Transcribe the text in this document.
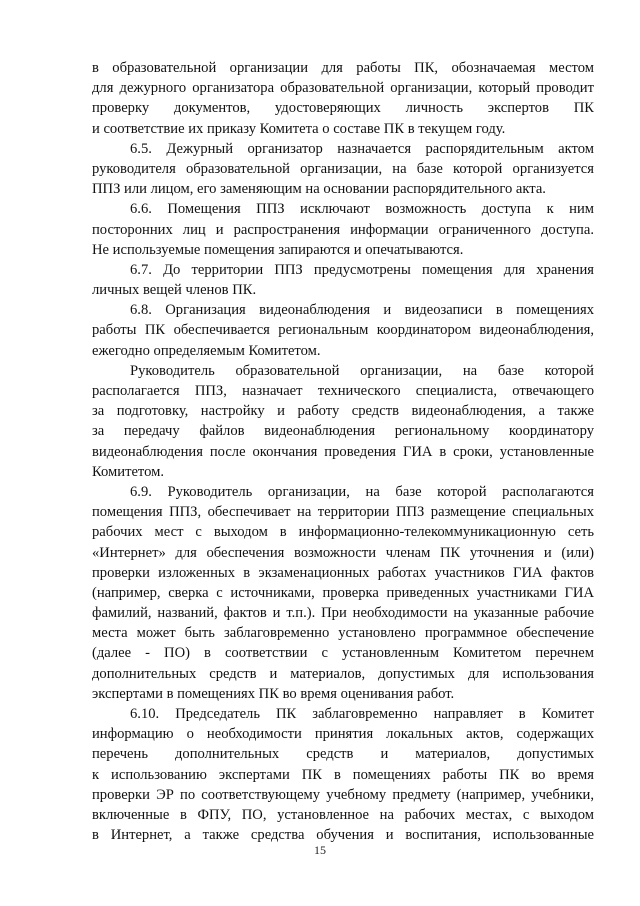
в образовательной организации для работы ПК, обозначаемая местом
для дежурного организатора образовательной организации, который проводит
проверку документов, удостоверяющих личность экспертов ПК
и соответствие их приказу Комитета о составе ПК в текущем году.
6.5. Дежурный организатор назначается распорядительным актом
руководителя образовательной организации, на базе которой организуется
ППЗ или лицом, его заменяющим на основании распорядительного акта.
6.6. Помещения ППЗ исключают возможность доступа к ним
посторонних лиц и распространения информации ограниченного доступа.
Не используемые помещения запираются и опечатываются.
6.7. До территории ППЗ предусмотрены помещения для хранения
личных вещей членов ПК.
6.8. Организация видеонаблюдения и видеозаписи в помещениях
работы ПК обеспечивается региональным координатором видеонаблюдения,
ежегодно определяемым Комитетом.
Руководитель образовательной организации, на базе которой
располагается ППЗ, назначает технического специалиста, отвечающего
за подготовку, настройку и работу средств видеонаблюдения, а также
за передачу файлов видеонаблюдения региональному координатору
видеонаблюдения после окончания проведения ГИА в сроки, установленные
Комитетом.
6.9. Руководитель организации, на базе которой располагаются
помещения ППЗ, обеспечивает на территории ППЗ размещение специальных
рабочих мест с выходом в информационно-телекоммуникационную сеть
«Интернет» для обеспечения возможности членам ПК уточнения и (или)
проверки изложенных в экзаменационных работах участников ГИА фактов
(например, сверка с источниками, проверка приведенных участниками ГИА
фамилий, названий, фактов и т.п.). При необходимости на указанные рабочие
места может быть заблаговременно установлено программное обеспечение
(далее - ПО) в соответствии с установленным Комитетом перечнем
дополнительных средств и материалов, допустимых для использования
экспертами в помещениях ПК во время оценивания работ.
6.10. Председатель ПК заблаговременно направляет в Комитет
информацию о необходимости принятия локальных актов, содержащих
перечень дополнительных средств и материалов, допустимых
к использованию экспертами ПК в помещениях работы ПК во время
проверки ЭР по соответствующему учебному предмету (например, учебники,
включенные в ФПУ, ПО, установленное на рабочих местах, с выходом
в Интернет, а также средства обучения и воспитания, использованные
15
